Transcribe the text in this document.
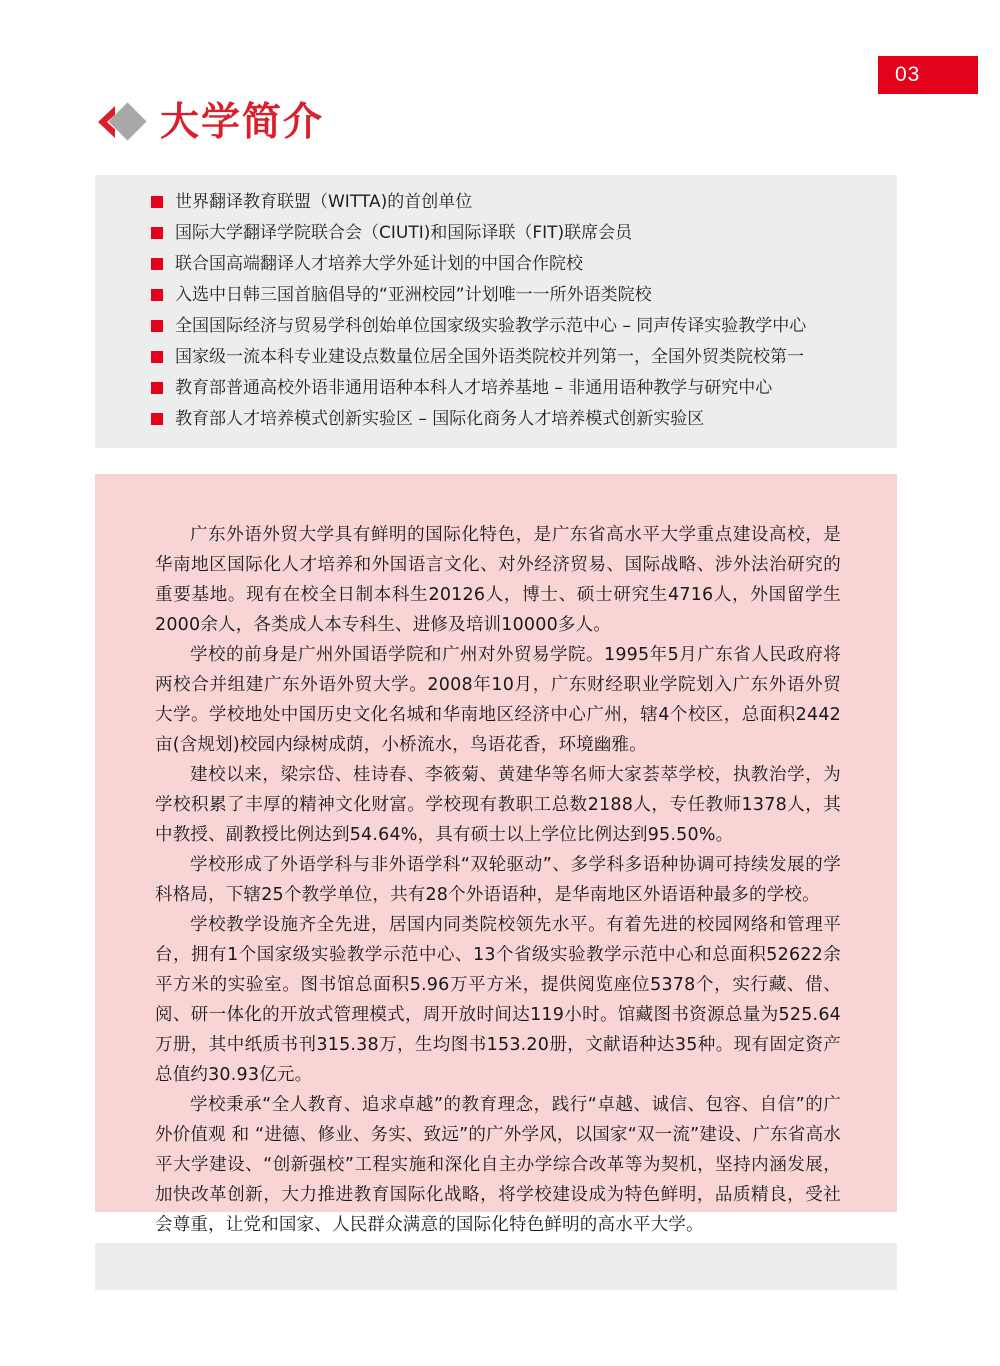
03
大学简介
世界翻译教育联盟（WITTA)的首创单位
国际大学翻译学院联合会（CIUTI)和国际译联（FIT)联席会员
联合国高端翻译人才培养大学外延计划的中国合作院校
入选中日韩三国首脑倡导的“亚洲校园”计划唯一一所外语类院校
全国国际经济与贸易学科创始单位国家级实验教学示范中心 – 同声传译实验教学中心
国家级一流本科专业建设点数量位居全国外语类院校并列第一，全国外贸类院校第一
教育部普通高校外语非通用语种本科人才培养基地 – 非通用语种教学与研究中心
教育部人才培养模式创新实验区 – 国际化商务人才培养模式创新实验区

广东外语外贸大学具有鲜明的国际化特色，是广东省高水平大学重点建设高校，是华南地区国际化人才培养和外国语言文化、对外经济贸易、国际战略、涉外法治研究的重要基地。现有在校全日制本科生20126人，博士、硕士研究生4716人，外国留学生2000余人，各类成人本专科生、进修及培训10000多人。

学校的前身是广州外国语学院和广州对外贸易学院。1995年5月广东省人民政府将两校合并组建广东外语外贸大学。2008年10月，广东财经职业学院划入广东外语外贸大学。学校地处中国历史文化名城和华南地区经济中心广州，辖4个校区，总面积2442亩(含规划)校园内绿树成荫，小桥流水，鸟语花香，环境幽雅。

建校以来，梁宗岱、桂诗春、李筱菊、黄建华等名师大家荟萃学校，执教治学，为学校积累了丰厚的精神文化财富。学校现有教职工总数2188人，专任教师1378人，其中教授、副教授比例达到54.64%，具有硕士以上学位比例达到95.50%。

学校形成了外语学科与非外语学科“双轮驱动”、多学科多语种协调可持续发展的学科格局，下辖25个教学单位，共有28个外语语种，是华南地区外语语种最多的学校。

学校教学设施齐全先进，居国内同类院校领先水平。有着先进的校园网络和管理平台，拥有1个国家级实验教学示范中心、13个省级实验教学示范中心和总面积52622余平方米的实验室。图书馆总面积5.96万平方米，提供阅览座位5378个，实行藏、借、阅、研一体化的开放式管理模式，周开放时间达119小时。馆藏图书资源总量为525.64万册，其中纸质书刊315.38万，生均图书153.20册，文献语种达35种。现有固定资产总值约30.93亿元。

学校秉承“全人教育、追求卓越”的教育理念，践行“卓越、诚信、包容、自信”的广外价值观 和 “进德、修业、务实、致远”的广外学风，以国家“双一流”建设、广东省高水平大学建设、“创新强校”工程实施和深化自主办学综合改革等为契机，坚持内涵发展，加快改革创新，大力推进教育国际化战略，将学校建设成为特色鲜明，品质精良，受社会尊重，让党和国家、人民群众满意的国际化特色鲜明的高水平大学。
